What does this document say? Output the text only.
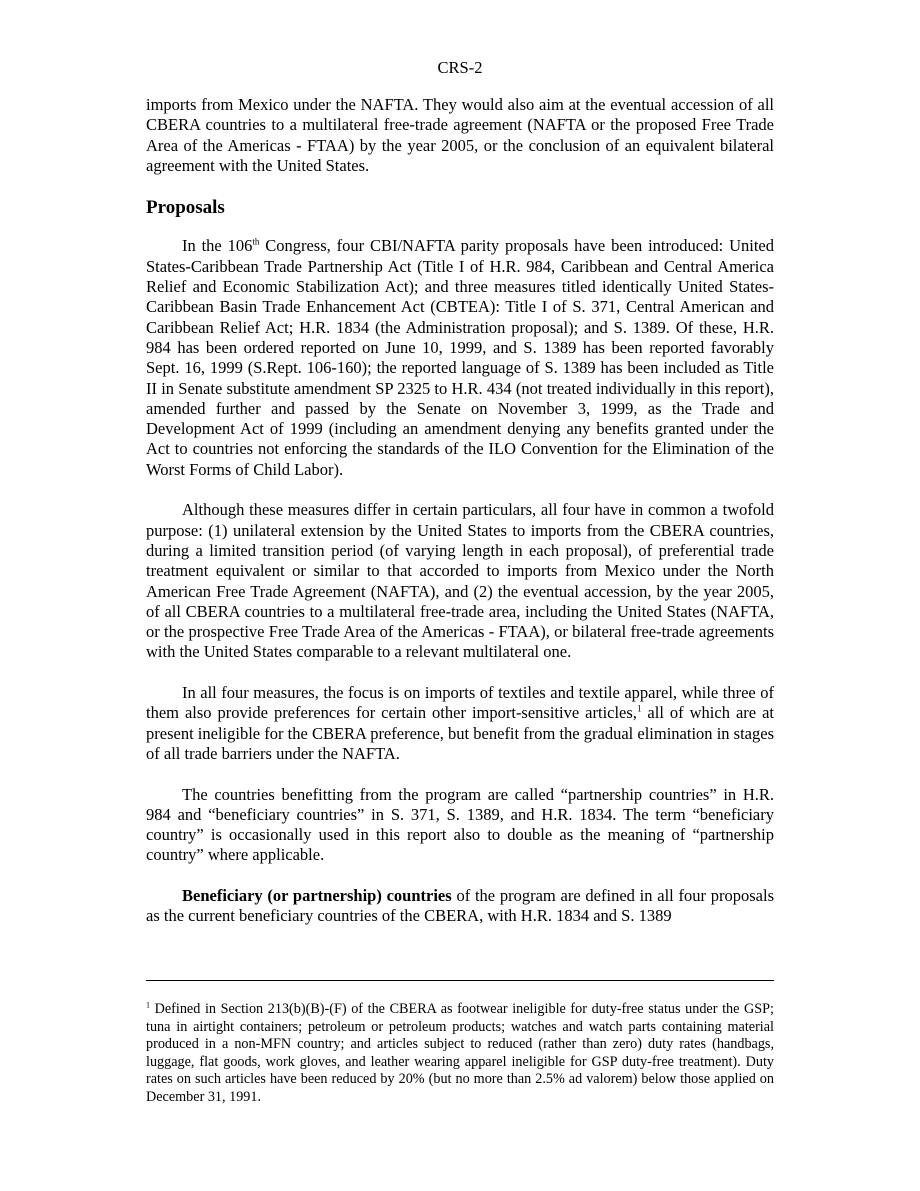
CRS-2

imports from Mexico under the NAFTA. They would also aim at the eventual accession of all CBERA countries to a multilateral free-trade agreement (NAFTA or the proposed Free Trade Area of the Americas - FTAA) by the year 2005, or the conclusion of an equivalent bilateral agreement with the United States.

Proposals

In the 106th Congress, four CBI/NAFTA parity proposals have been introduced: United States-Caribbean Trade Partnership Act (Title I of H.R. 984, Caribbean and Central America Relief and Economic Stabilization Act); and three measures titled identically United States-Caribbean Basin Trade Enhancement Act (CBTEA): Title I of S. 371, Central American and Caribbean Relief Act; H.R. 1834 (the Administration proposal); and S. 1389. Of these, H.R. 984 has been ordered reported on June 10, 1999, and S. 1389 has been reported favorably Sept. 16, 1999 (S.Rept. 106-160); the reported language of S. 1389 has been included as Title II in Senate substitute amendment SP 2325 to H.R. 434 (not treated individually in this report), amended further and passed by the Senate on November 3, 1999, as the Trade and Development Act of 1999 (including an amendment denying any benefits granted under the Act to countries not enforcing the standards of the ILO Convention for the Elimination of the Worst Forms of Child Labor).

Although these measures differ in certain particulars, all four have in common a twofold purpose: (1) unilateral extension by the United States to imports from the CBERA countries, during a limited transition period (of varying length in each proposal), of preferential trade treatment equivalent or similar to that accorded to imports from Mexico under the North American Free Trade Agreement (NAFTA), and (2) the eventual accession, by the year 2005, of all CBERA countries to a multilateral free-trade area, including the United States (NAFTA, or the prospective Free Trade Area of the Americas - FTAA), or bilateral free-trade agreements with the United States comparable to a relevant multilateral one.

In all four measures, the focus is on imports of textiles and textile apparel, while three of them also provide preferences for certain other import-sensitive articles,$^1$ all of which are at present ineligible for the CBERA preference, but benefit from the gradual elimination in stages of all trade barriers under the NAFTA.

The countries benefitting from the program are called “partnership countries” in H.R. 984 and “beneficiary countries” in S. 371, S. 1389, and H.R. 1834. The term “beneficiary country” is occasionally used in this report also to double as the meaning of “partnership country” where applicable.

Beneficiary (or partnership) countries of the program are defined in all four proposals as the current beneficiary countries of the CBERA, with H.R. 1834 and S. 1389

$^1$ Defined in Section 213(b)(B)-(F) of the CBERA as footwear ineligible for duty-free status under the GSP; tuna in airtight containers; petroleum or petroleum products; watches and watch parts containing material produced in a non-MFN country; and articles subject to reduced (rather than zero) duty rates (handbags, luggage, flat goods, work gloves, and leather wearing apparel ineligible for GSP duty-free treatment). Duty rates on such articles have been reduced by 20% (but no more than 2.5% ad valorem) below those applied on December 31, 1991.
